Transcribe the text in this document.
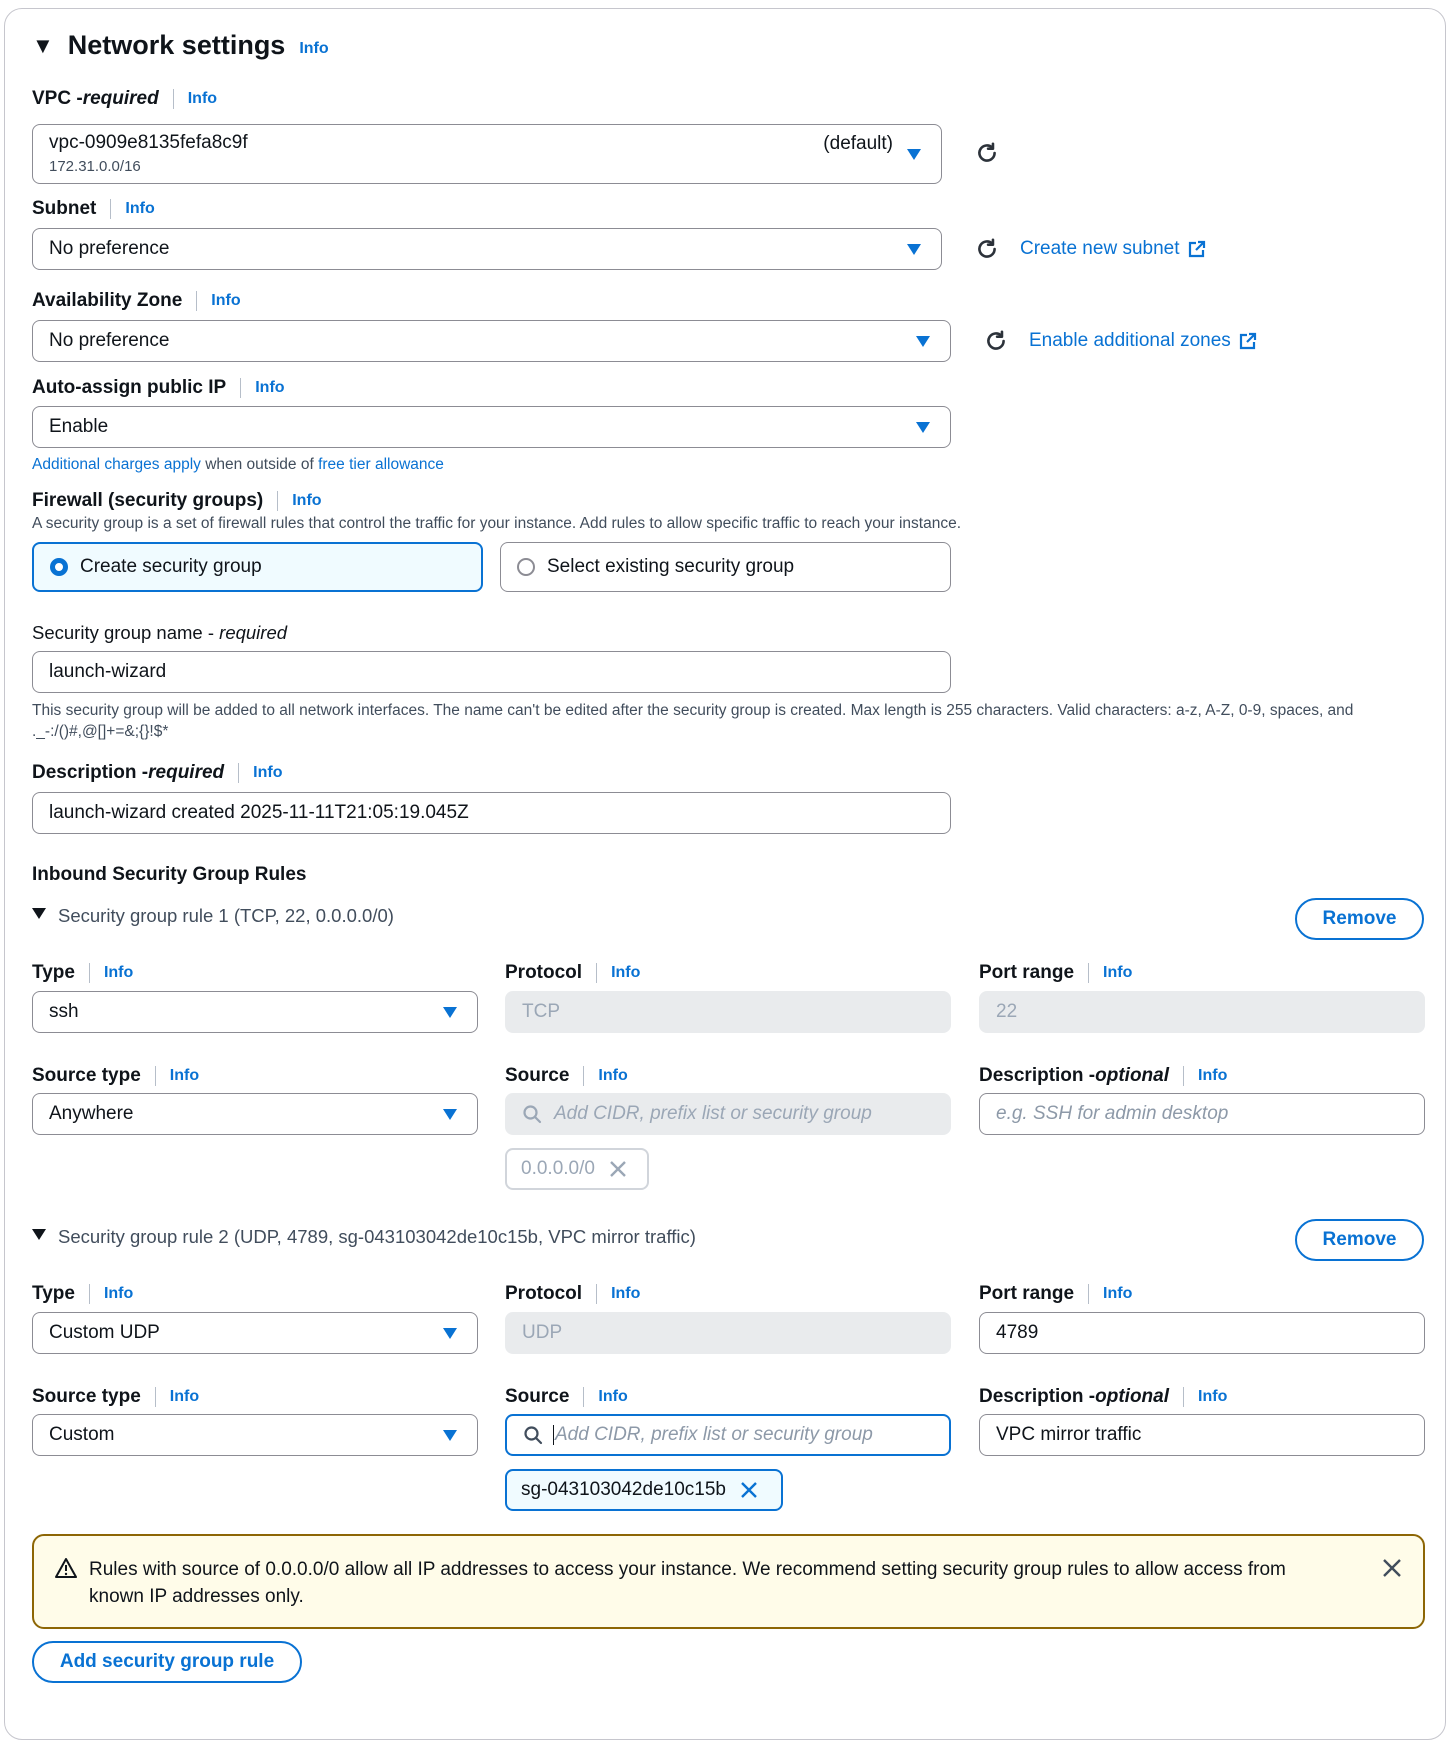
▼ Network settings Info
VPC - required Info
vpc-0909e8135fefa8c9f
172.31.0.0/16
(default)
Subnet Info
No preference	Create new subnet
Availability Zone Info
No preference	Enable additional zones
Auto-assign public IP Info
Enable
Additional charges apply when outside of free tier allowance
Firewall (security groups) Info
A security group is a set of firewall rules that control the traffic for your instance. Add rules to allow specific traffic to reach your instance.
Create security group	Select existing security group
Security group name - required
launch-wizard
This security group will be added to all network interfaces. The name can't be edited after the security group is created. Max length is 255 characters. Valid characters: a-z, A-Z, 0-9, spaces, and ._-:/()#,@[]+=&;{}!$*
Description - required Info
launch-wizard created 2025-11-11T21:05:19.045Z
Inbound Security Group Rules
Security group rule 1 (TCP, 22, 0.0.0.0/0)	Remove
Type Info	Protocol Info	Port range Info
ssh	TCP	22
Source type Info	Source Info	Description - optional Info
Anywhere	Add CIDR, prefix list or security group	e.g. SSH for admin desktop
0.0.0.0/0
Security group rule 2 (UDP, 4789, sg-043103042de10c15b, VPC mirror traffic)	Remove
Type Info	Protocol Info	Port range Info
Custom UDP	UDP	4789
Source type Info	Source Info	Description - optional Info
Custom	Add CIDR, prefix list or security group	VPC mirror traffic
sg-043103042de10c15b
Rules with source of 0.0.0.0/0 allow all IP addresses to access your instance. We recommend setting security group rules to allow access from known IP addresses only.
Add security group rule
